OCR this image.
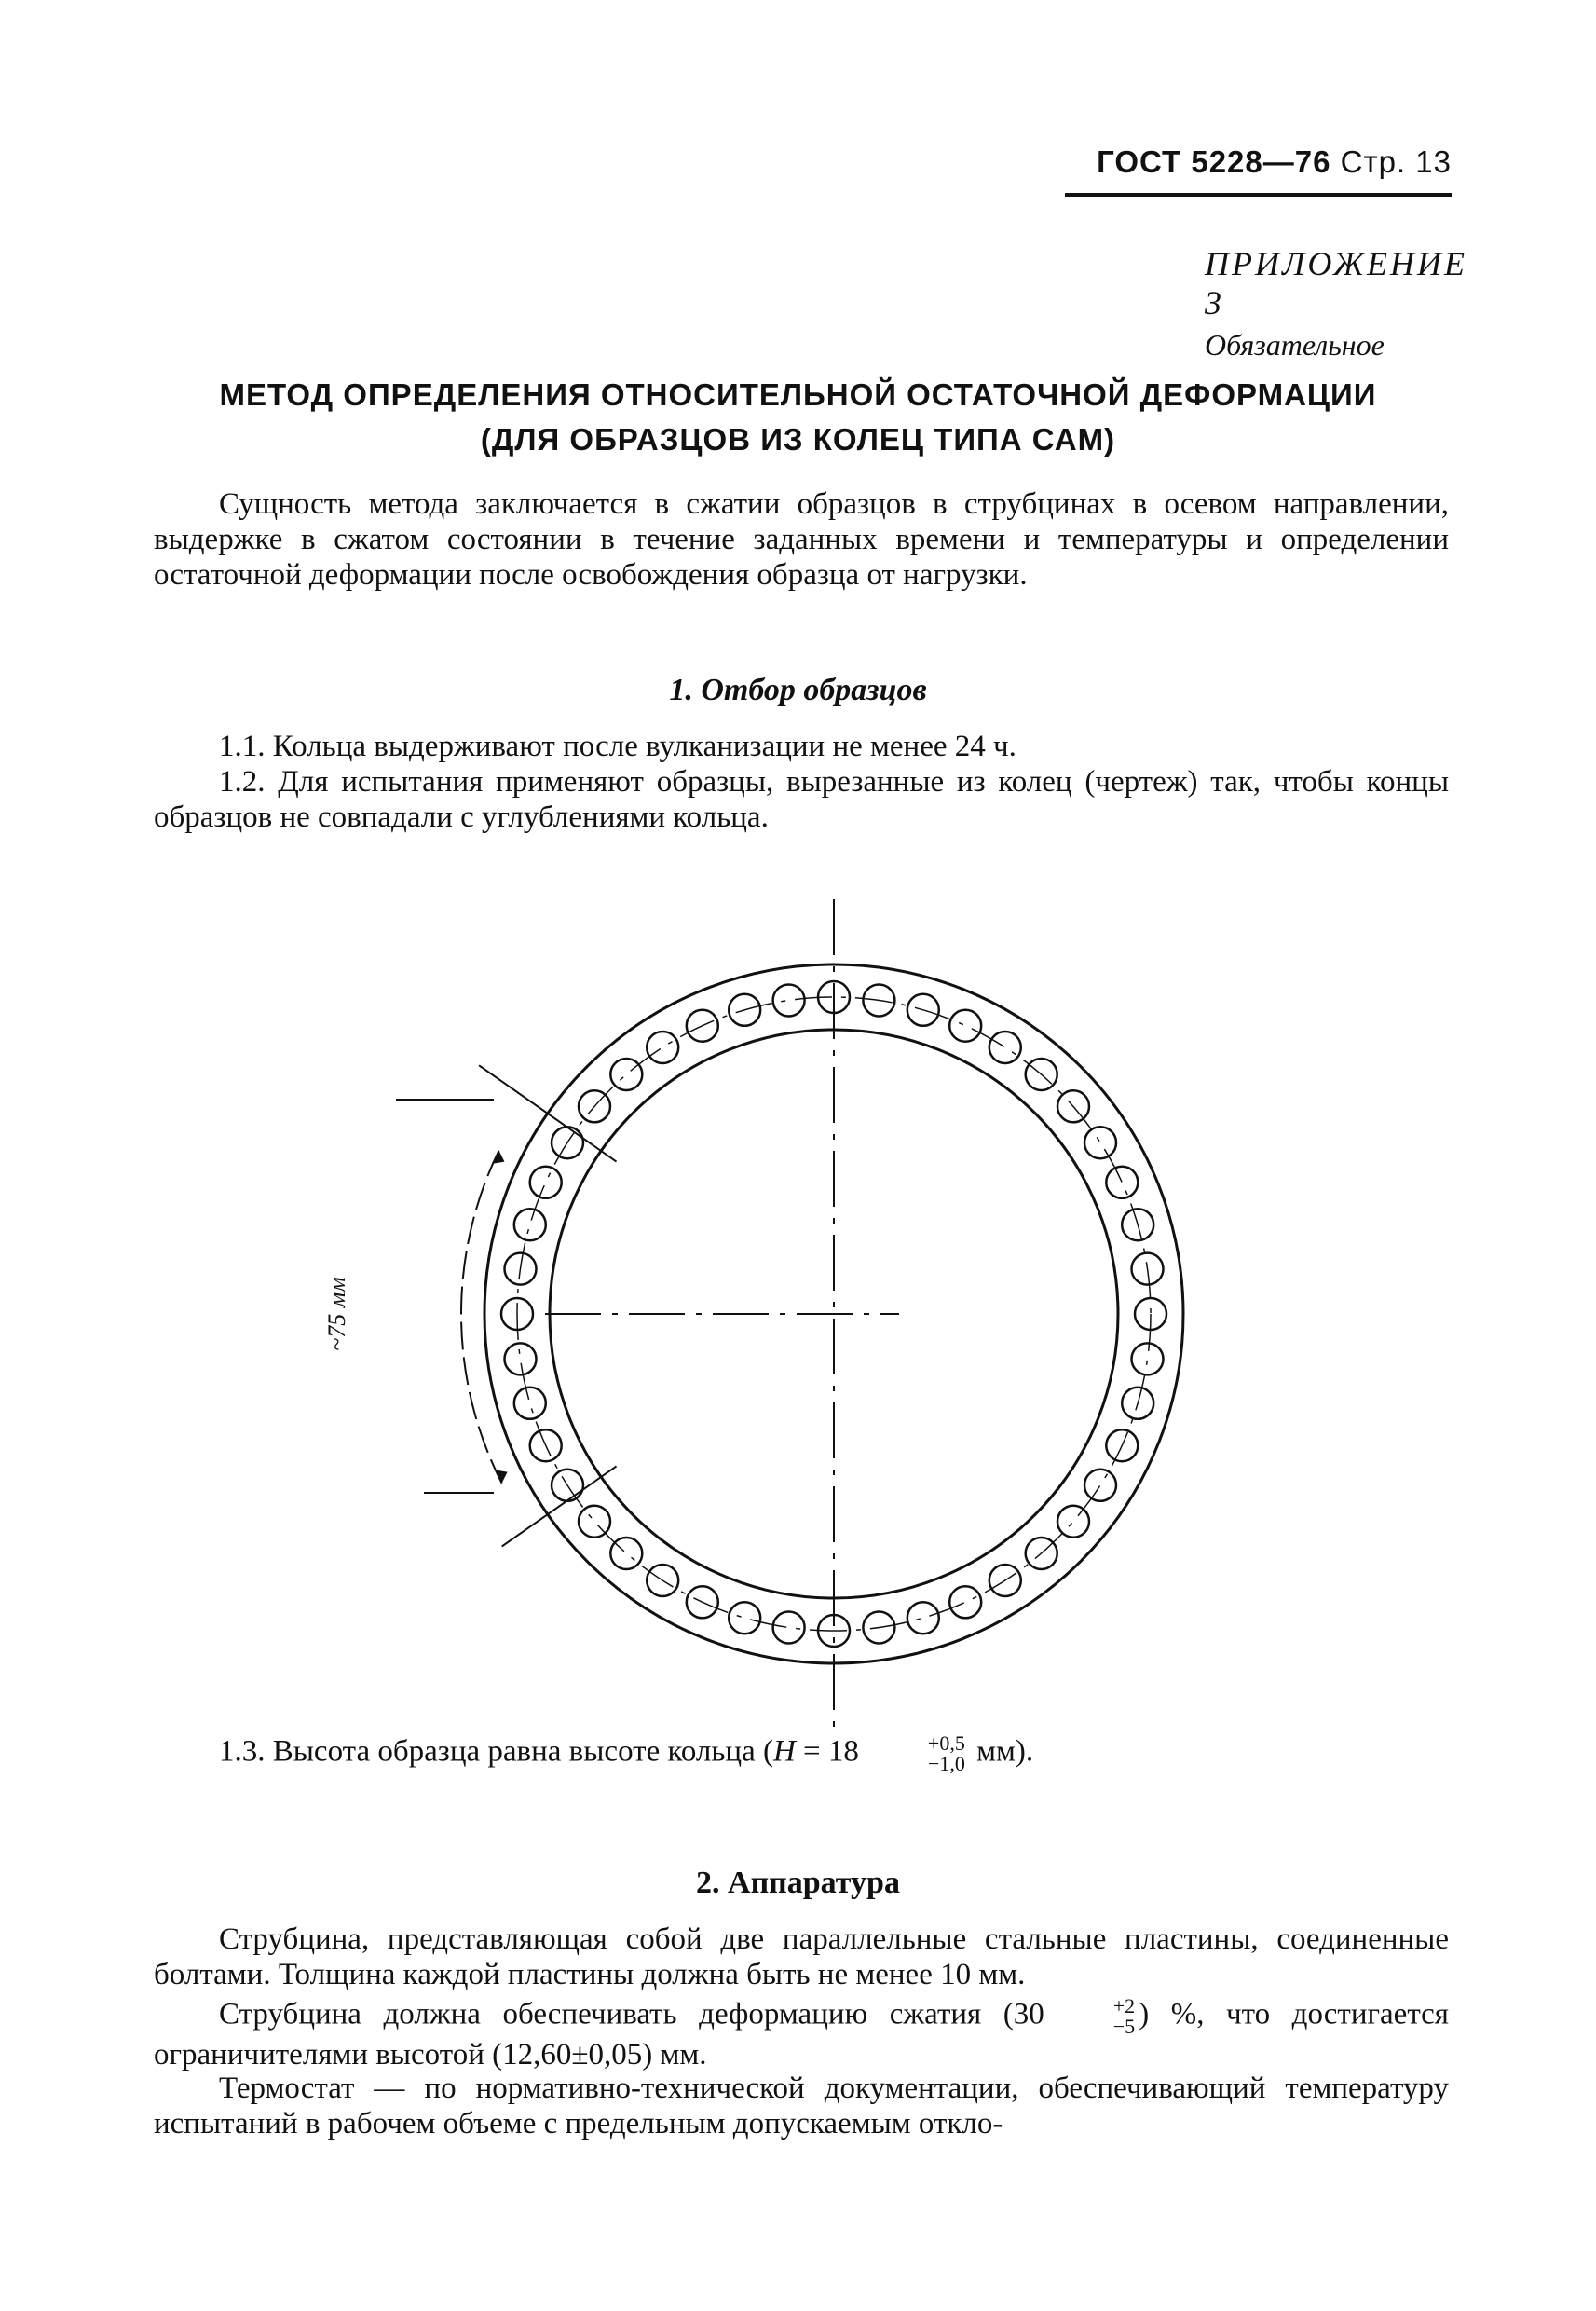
ГОСТ 5228—76 Стр. 13
ПРИЛОЖЕНИЕ 3
Обязательное
МЕТОД ОПРЕДЕЛЕНИЯ ОТНОСИТЕЛЬНОЙ ОСТАТОЧНОЙ ДЕФОРМАЦИИ
(ДЛЯ ОБРАЗЦОВ ИЗ КОЛЕЦ ТИПА САМ)
Сущность метода заключается в сжатии образцов в струбцинах в осевом направлении, выдержке в сжатом состоянии в течение заданных времени и температуры и определении остаточной деформации после освобождения образца от нагрузки.
1. Отбор образцов
1.1. Кольца выдерживают после вулканизации не менее 24 ч.
1.2. Для испытания применяют образцы, вырезанные из колец (чертеж) так, чтобы концы образцов не совпадали с углублениями кольца.
~75 мм
1.3. Высота образца равна высоте кольца (H = 18	+0,5
−1,0 мм).
2. Аппаратура
Струбцина, представляющая собой две параллельные стальные пластины, соединенные болтами. Толщина каждой пластины должна быть не менее 10 мм.
Струбцина должна обеспечивать деформацию сжатия (30	+2
−5 ) %, что достигается ограничителями высотой (12,60±0,05) мм.
Термостат — по нормативно-технической документации, обеспечивающий температуру испытаний в рабочем объеме с предельным допускаемым откло-
